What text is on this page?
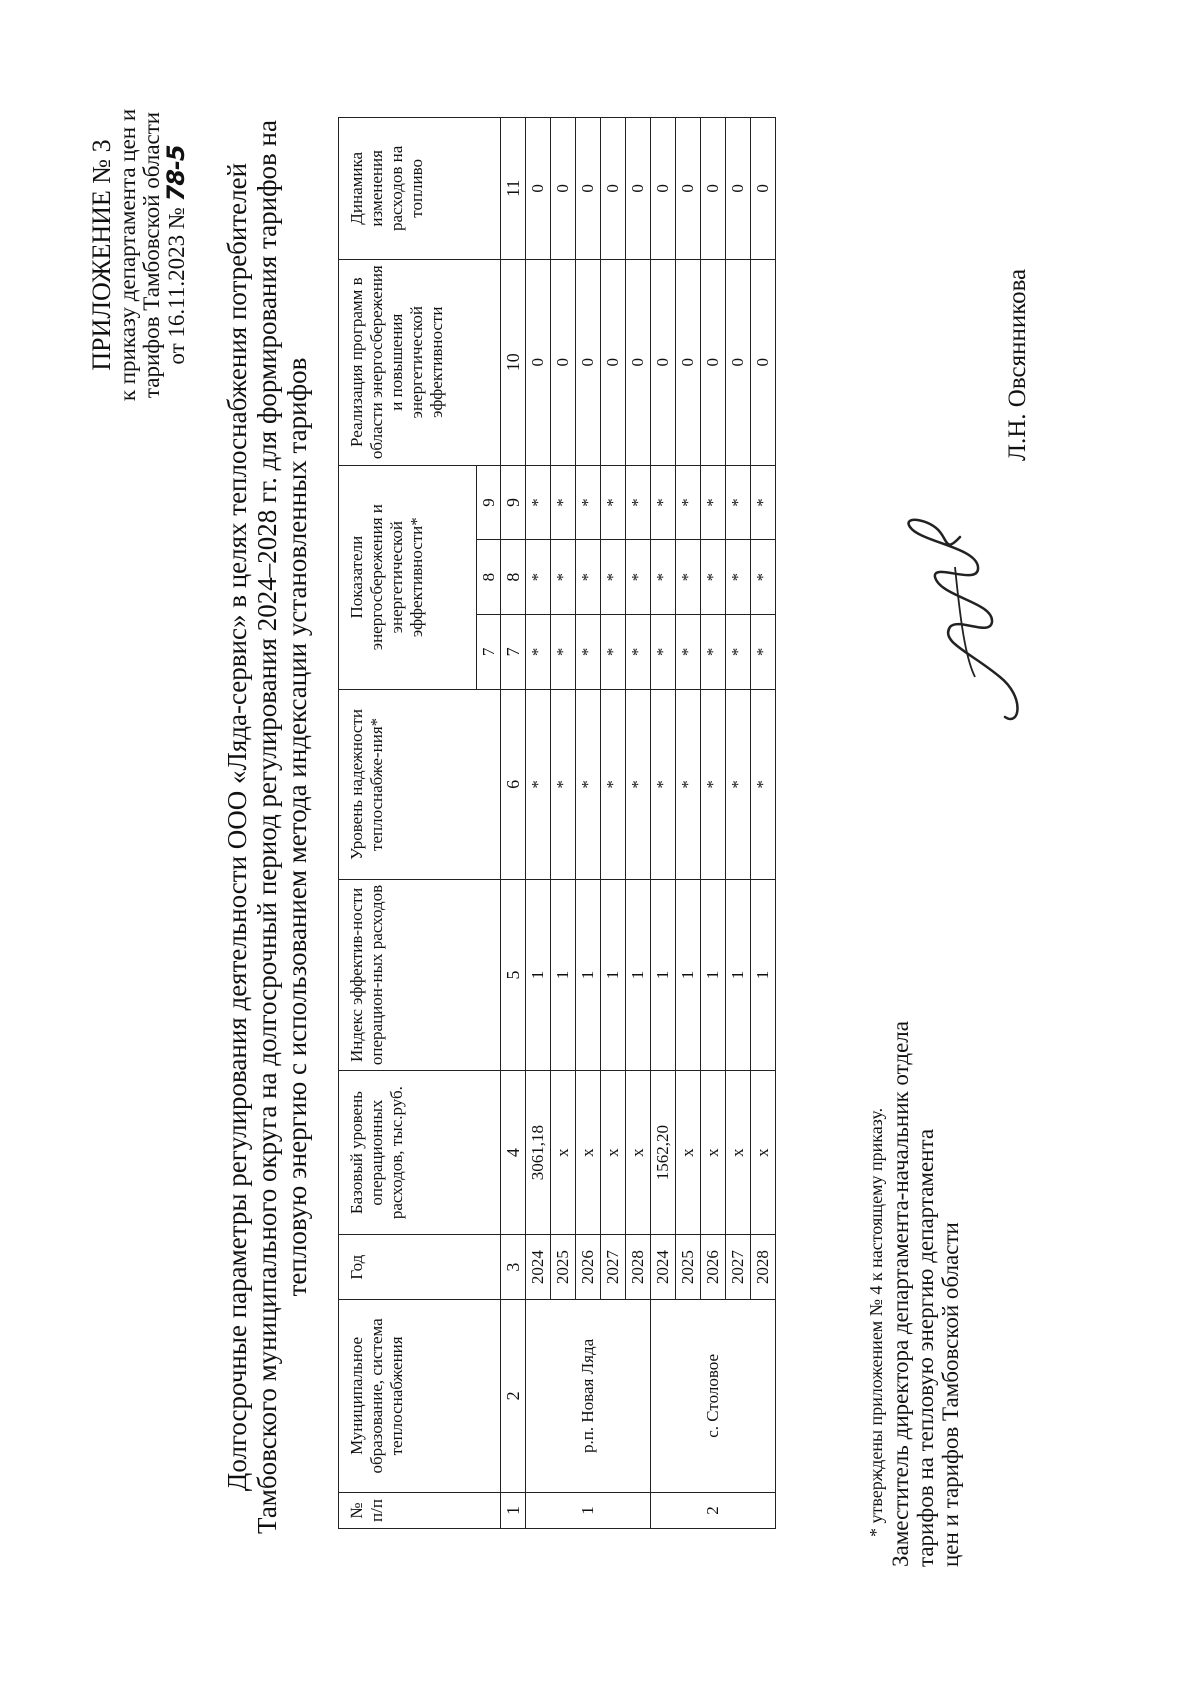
ПРИЛОЖЕНИЕ № 3 к приказу департамента цен и тарифов Тамбовской области от 16.11.2023 № 78-5 Долгосрочные параметры регулирования деятельности ООО «Ляда-сервис» в целях теплоснабжения потребителей Тамбовского муниципального округа на долгосрочный период регулирования 2024–2028 гг. для формирования тарифов на тепловую энергию с использованием метода индексации установленных тарифов
№ п/п	Муниципальное образование, система теплоснабжения	Год	Базовый уровень операционных расходов, тыс.руб.	Индекс эффектив-ности операцион-ных расходов	Уровень надежности теплоснабже-ния*	Показатели энергосбережения и энергетической эффективности*			Реализация программ в области энергосбережения и повышения энергетической эффективности	Динамика изменения расходов на топливо
						7	8	9		
1	2	3	4	5	6	7	8	9	10	11
1	р.п. Новая Ляда	2024	3061,18	1	*	*	*	*	0	0
		2025	x	1	*	*	*	*	0	0
		2026	x	1	*	*	*	*	0	0
		2027	x	1	*	*	*	*	0	0
		2028	x	1	*	*	*	*	0	0
2	с. Столовое	2024	1562,20	1	*	*	*	*	0	0
		2025	x	1	*	*	*	*	0	0
		2026	x	1	*	*	*	*	0	0
		2027	x	1	*	*	*	*	0	0
		2028	x	1	*	*	*	*	0	0
* утверждены приложением № 4 к настоящему приказу. Заместитель директора департамента-начальник отдела тарифов на тепловую энергию департамента цен и тарифов Тамбовской области
Л.Н. Овсянникова
